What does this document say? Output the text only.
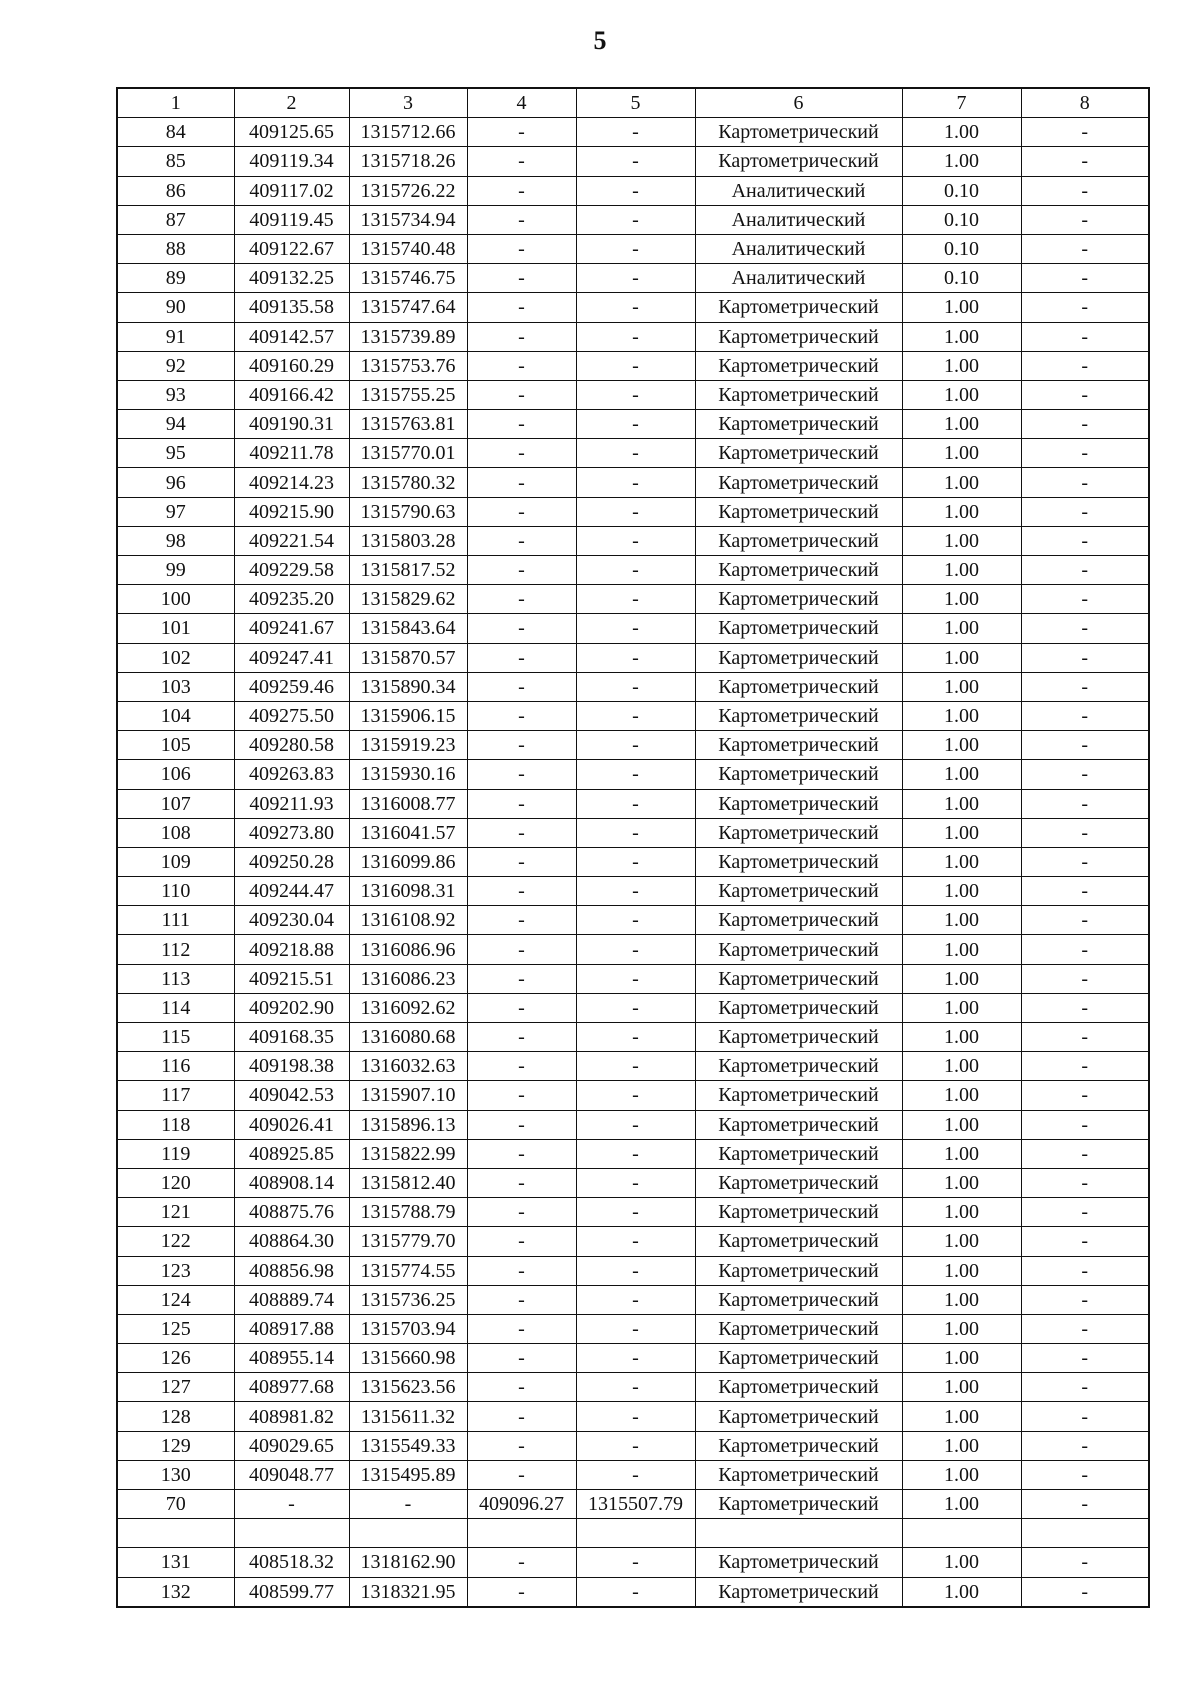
5
1	2	3	4	5	6	7	8
84	409125.65	1315712.66	-	-	Картометрический	1.00	-
85	409119.34	1315718.26	-	-	Картометрический	1.00	-
86	409117.02	1315726.22	-	-	Аналитический	0.10	-
87	409119.45	1315734.94	-	-	Аналитический	0.10	-
88	409122.67	1315740.48	-	-	Аналитический	0.10	-
89	409132.25	1315746.75	-	-	Аналитический	0.10	-
90	409135.58	1315747.64	-	-	Картометрический	1.00	-
91	409142.57	1315739.89	-	-	Картометрический	1.00	-
92	409160.29	1315753.76	-	-	Картометрический	1.00	-
93	409166.42	1315755.25	-	-	Картометрический	1.00	-
94	409190.31	1315763.81	-	-	Картометрический	1.00	-
95	409211.78	1315770.01	-	-	Картометрический	1.00	-
96	409214.23	1315780.32	-	-	Картометрический	1.00	-
97	409215.90	1315790.63	-	-	Картометрический	1.00	-
98	409221.54	1315803.28	-	-	Картометрический	1.00	-
99	409229.58	1315817.52	-	-	Картометрический	1.00	-
100	409235.20	1315829.62	-	-	Картометрический	1.00	-
101	409241.67	1315843.64	-	-	Картометрический	1.00	-
102	409247.41	1315870.57	-	-	Картометрический	1.00	-
103	409259.46	1315890.34	-	-	Картометрический	1.00	-
104	409275.50	1315906.15	-	-	Картометрический	1.00	-
105	409280.58	1315919.23	-	-	Картометрический	1.00	-
106	409263.83	1315930.16	-	-	Картометрический	1.00	-
107	409211.93	1316008.77	-	-	Картометрический	1.00	-
108	409273.80	1316041.57	-	-	Картометрический	1.00	-
109	409250.28	1316099.86	-	-	Картометрический	1.00	-
110	409244.47	1316098.31	-	-	Картометрический	1.00	-
111	409230.04	1316108.92	-	-	Картометрический	1.00	-
112	409218.88	1316086.96	-	-	Картометрический	1.00	-
113	409215.51	1316086.23	-	-	Картометрический	1.00	-
114	409202.90	1316092.62	-	-	Картометрический	1.00	-
115	409168.35	1316080.68	-	-	Картометрический	1.00	-
116	409198.38	1316032.63	-	-	Картометрический	1.00	-
117	409042.53	1315907.10	-	-	Картометрический	1.00	-
118	409026.41	1315896.13	-	-	Картометрический	1.00	-
119	408925.85	1315822.99	-	-	Картометрический	1.00	-
120	408908.14	1315812.40	-	-	Картометрический	1.00	-
121	408875.76	1315788.79	-	-	Картометрический	1.00	-
122	408864.30	1315779.70	-	-	Картометрический	1.00	-
123	408856.98	1315774.55	-	-	Картометрический	1.00	-
124	408889.74	1315736.25	-	-	Картометрический	1.00	-
125	408917.88	1315703.94	-	-	Картометрический	1.00	-
126	408955.14	1315660.98	-	-	Картометрический	1.00	-
127	408977.68	1315623.56	-	-	Картометрический	1.00	-
128	408981.82	1315611.32	-	-	Картометрический	1.00	-
129	409029.65	1315549.33	-	-	Картометрический	1.00	-
130	409048.77	1315495.89	-	-	Картометрический	1.00	-
70	-	-	409096.27	1315507.79	Картометрический	1.00	-

131	408518.32	1318162.90	-	-	Картометрический	1.00	-
132	408599.77	1318321.95	-	-	Картометрический	1.00	-
